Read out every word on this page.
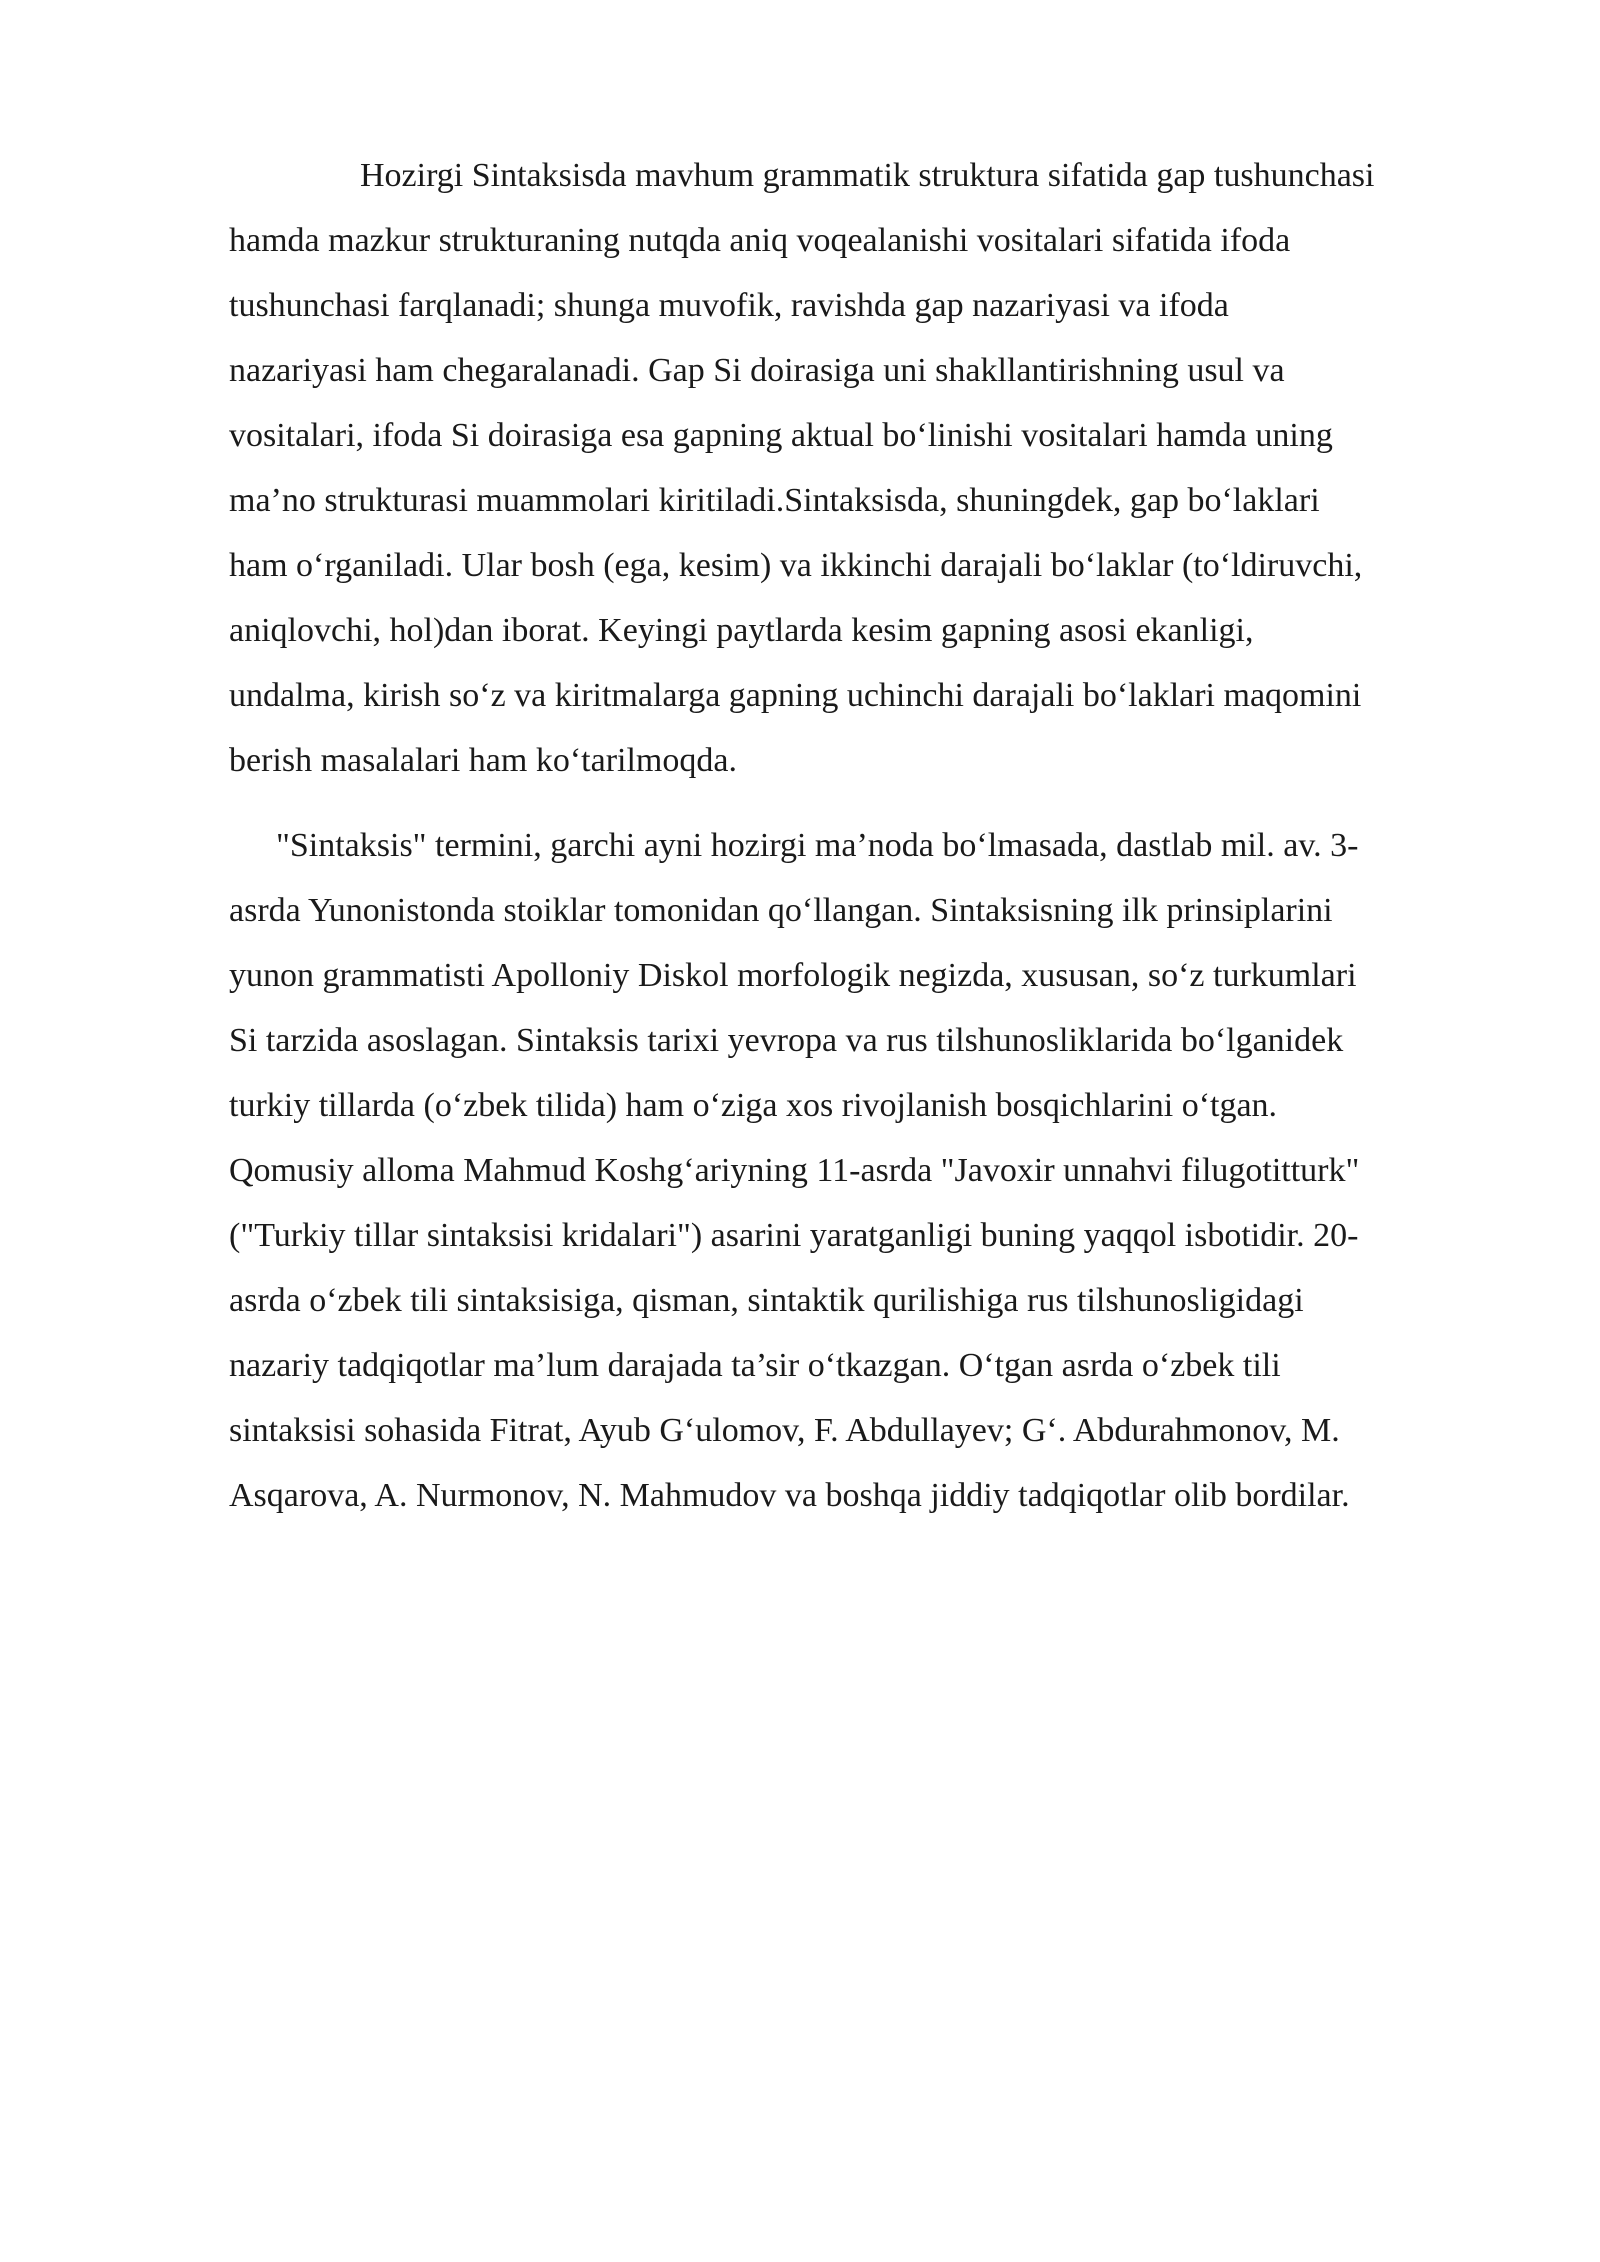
Hozirgi Sintaksisda mavhum grammatik struktura sifatida gap tushunchasi
hamda mazkur strukturaning nutqda aniq voqealanishi vositalari sifatida ifoda
tushunchasi farqlanadi; shunga muvofik, ravishda gap nazariyasi va ifoda
nazariyasi ham chegaralanadi. Gap Si doirasiga uni shakllantirishning usul va
vositalari, ifoda Si doirasiga esa gapning aktual bo‘linishi vositalari hamda uning
ma’no strukturasi muammolari kiritiladi.Sintaksisda, shuningdek, gap bo‘laklari
ham o‘rganiladi. Ular bosh (ega, kesim) va ikkinchi darajali bo‘laklar (to‘ldiruvchi,
aniqlovchi, hol)dan iborat. Keyingi paytlarda kesim gapning asosi ekanligi,
undalma, kirish so‘z va kiritmalarga gapning uchinchi darajali bo‘laklari maqomini
berish masalalari ham ko‘tarilmoqda.
"Sintaksis" termini, garchi ayni hozirgi ma’noda bo‘lmasada, dastlab mil. av. 3-
asrda Yunonistonda stoiklar tomonidan qo‘llangan. Sintaksisning ilk prinsiplarini
yunon grammatisti Apolloniy Diskol morfologik negizda, xususan, so‘z turkumlari
Si tarzida asoslagan. Sintaksis tarixi yevropa va rus tilshunosliklarida bo‘lganidek
turkiy tillarda (o‘zbek tilida) ham o‘ziga xos rivojlanish bosqichlarini o‘tgan.
Qomusiy alloma Mahmud Koshg‘ariyning 11-asrda "Javoxir unnahvi filugotitturk"
("Turkiy tillar sintaksisi kridalari") asarini yaratganligi buning yaqqol isbotidir. 20-
asrda o‘zbek tili sintaksisiga, qisman, sintaktik qurilishiga rus tilshunosligidagi
nazariy tadqiqotlar ma’lum darajada ta’sir o‘tkazgan. O‘tgan asrda o‘zbek tili
sintaksisi sohasida Fitrat, Ayub G‘ulomov, F. Abdullayev; G‘. Abdurahmonov, M.
Asqarova, A. Nurmonov, N. Mahmudov va boshqa jiddiy tadqiqotlar olib bordilar.
